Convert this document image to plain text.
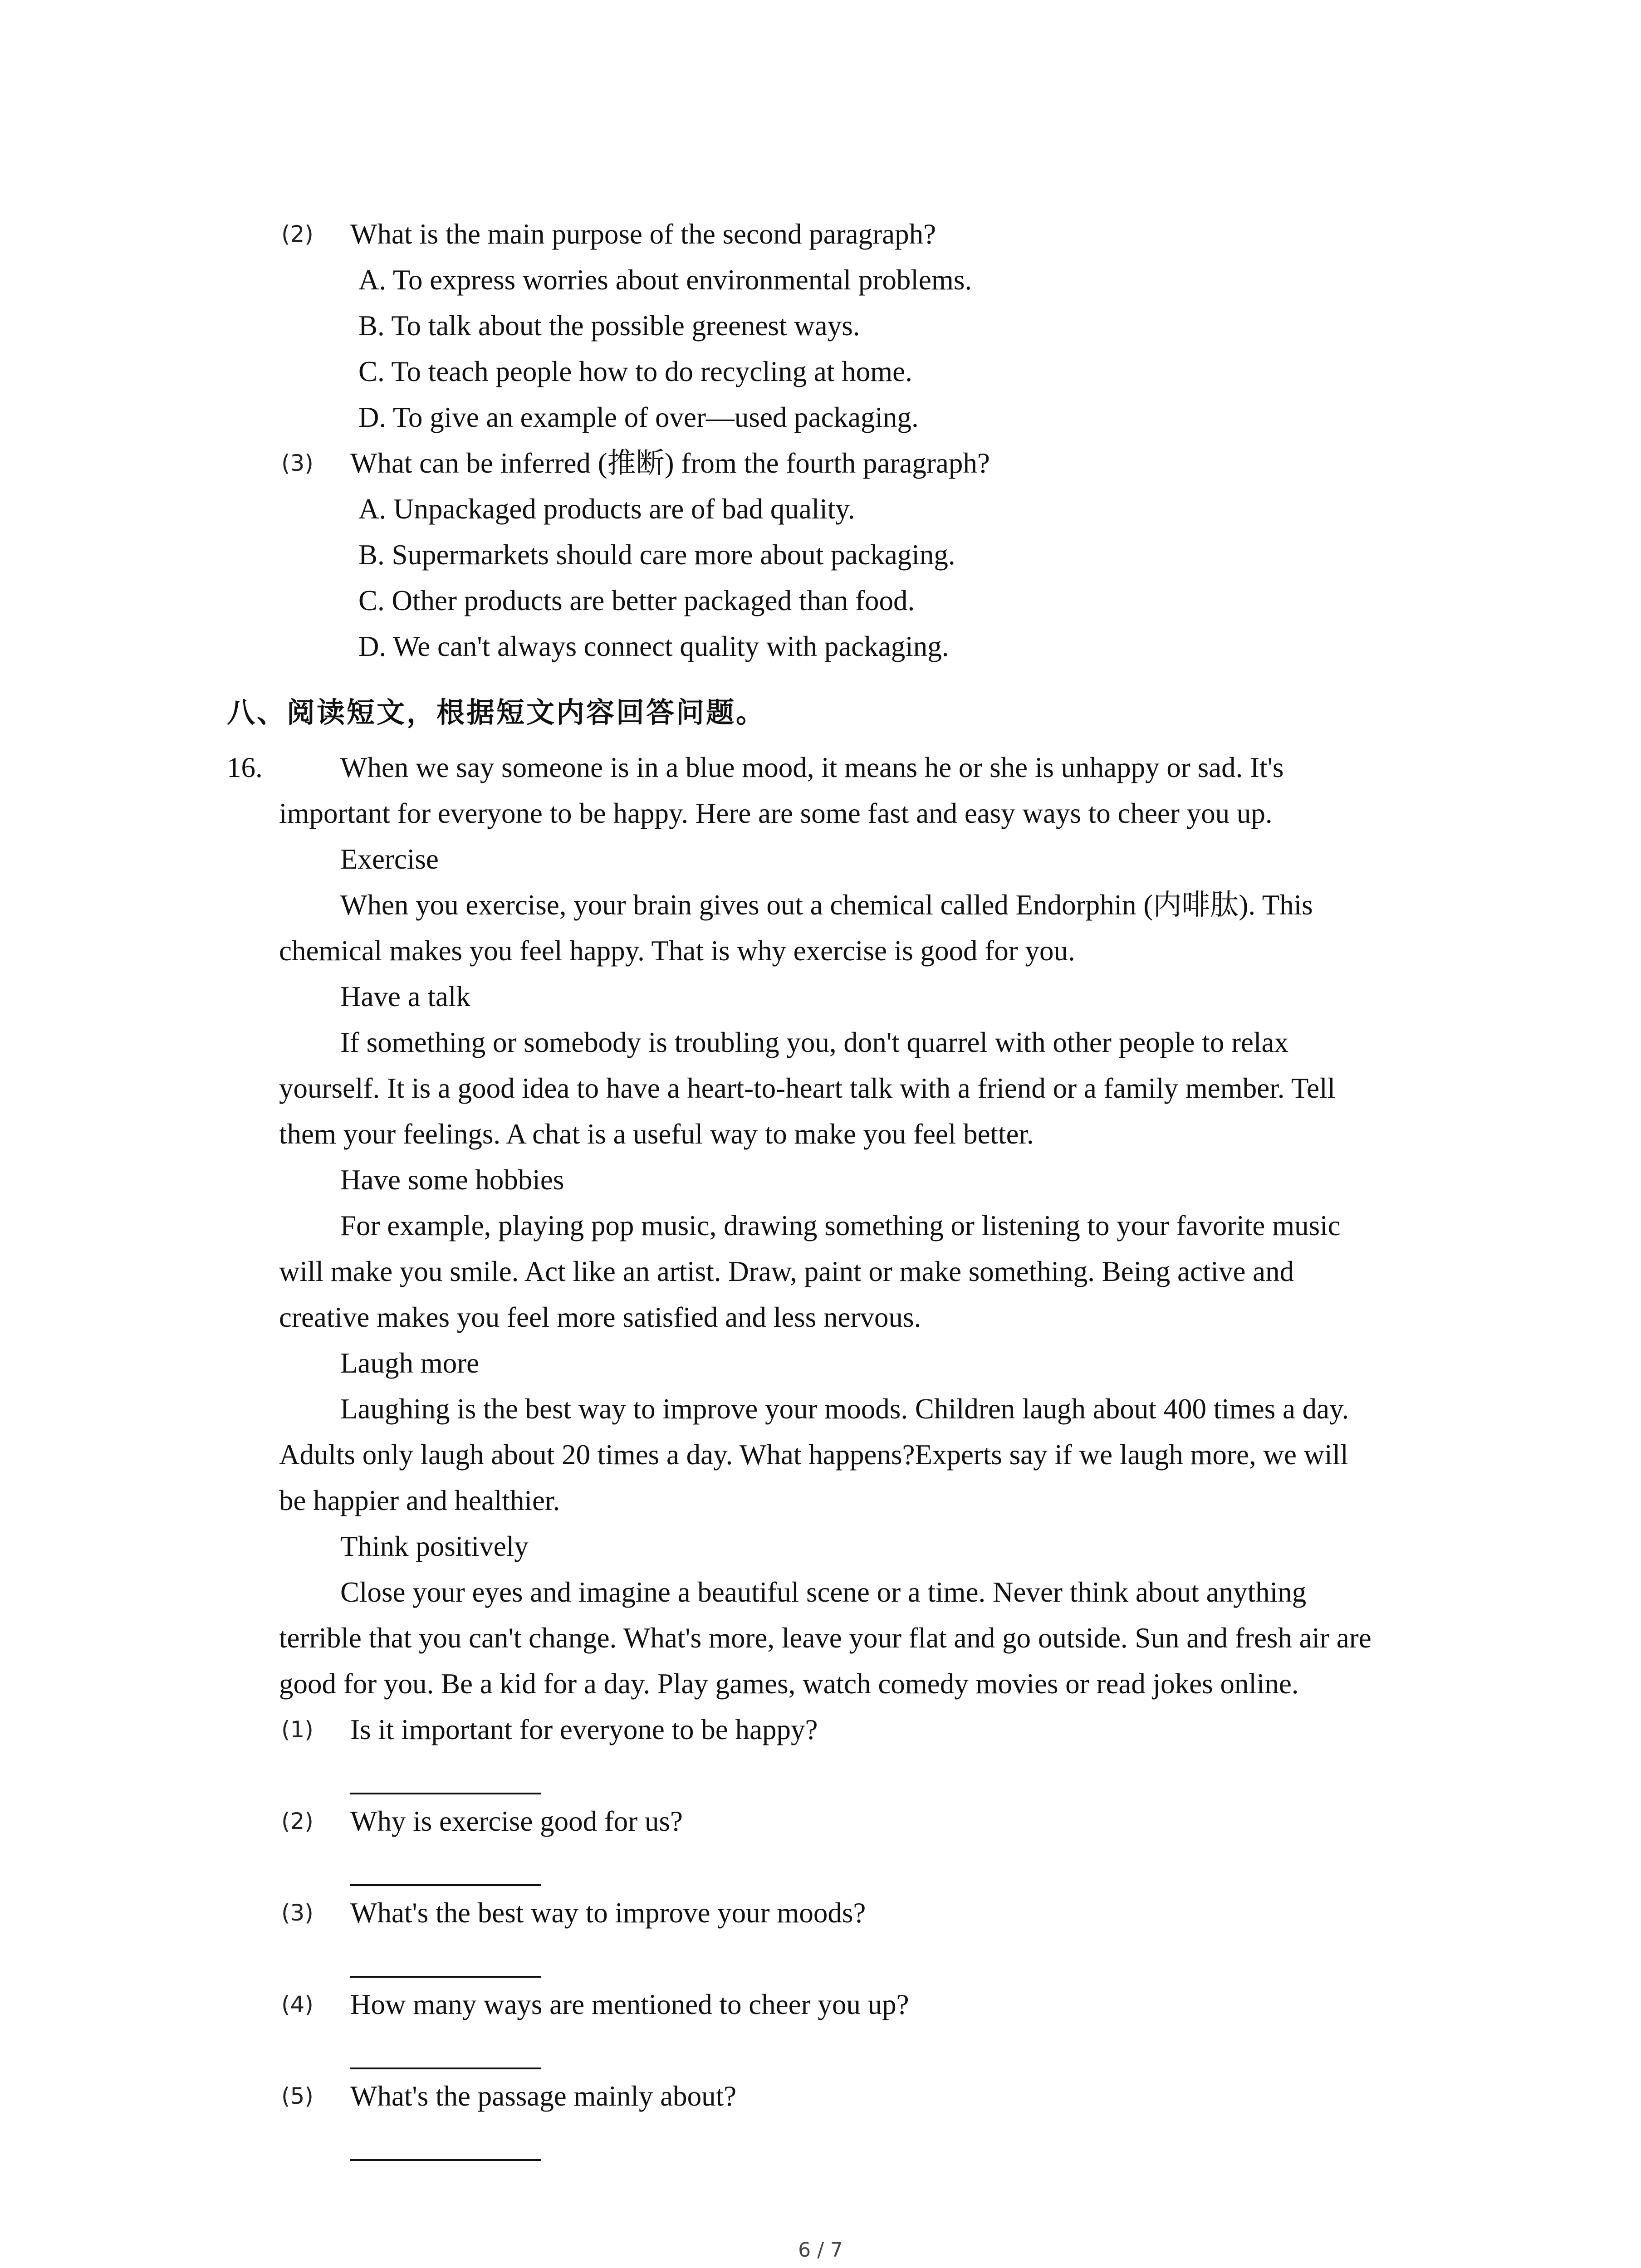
(2) What is the main purpose of the second paragraph?
A. To express worries about environmental problems.
B. To talk about the possible greenest ways.
C. To teach people how to do recycling at home.
D. To give an example of over—used packaging.
(3) What can be inferred (推断) from the fourth paragraph?
A. Unpackaged products are of bad quality.
B. Supermarkets should care more about packaging.
C. Other products are better packaged than food.
D. We can't always connect quality with packaging.
八、阅读短文，根据短文内容回答问题。
16.	When we say someone is in a blue mood, it means he or she is unhappy or sad. It's
important for everyone to be happy. Here are some fast and easy ways to cheer you up.
Exercise
When you exercise, your brain gives out a chemical called Endorphin (内啡肽). This
chemical makes you feel happy. That is why exercise is good for you.
Have a talk
If something or somebody is troubling you, don't quarrel with other people to relax
yourself. It is a good idea to have a heart-to-heart talk with a friend or a family member. Tell
them your feelings. A chat is a useful way to make you feel better.
Have some hobbies
For example, playing pop music, drawing something or listening to your favorite music
will make you smile. Act like an artist. Draw, paint or make something. Being active and
creative makes you feel more satisfied and less nervous.
Laugh more
Laughing is the best way to improve your moods. Children laugh about 400 times a day.
Adults only laugh about 20 times a day. What happens?Experts say if we laugh more, we will
be happier and healthier.
Think positively
Close your eyes and imagine a beautiful scene or a time. Never think about anything
terrible that you can't change. What's more, leave your flat and go outside. Sun and fresh air are
good for you. Be a kid for a day. Play games, watch comedy movies or read jokes online.
(1) Is it important for everyone to be happy?
(2) Why is exercise good for us?
(3) What's the best way to improve your moods?
(4) How many ways are mentioned to cheer you up?
(5) What's the passage mainly about?
6 / 7
